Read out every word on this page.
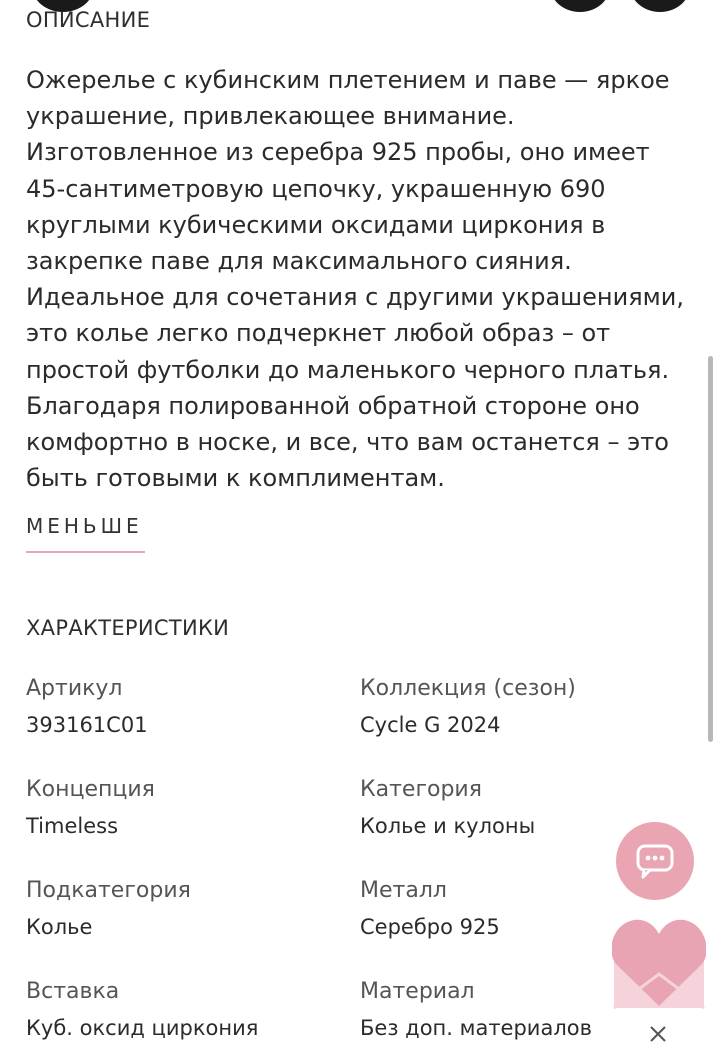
ОПИСАНИЕ

Ожерелье с кубинским плетением и паве — яркое украшение, привлекающее внимание. Изготовленное из серебра 925 пробы, оно имеет 45-сантиметровую цепочку, украшенную 690 круглыми кубическими оксидами циркония в закрепке паве для максимального сияния. Идеальное для сочетания с другими украшениями, это колье легко подчеркнет любой образ – от простой футболки до маленького черного платья. Благодаря полированной обратной стороне оно комфортно в носке, и все, что вам останется – это быть готовыми к комплиментам.

МЕНЬШЕ
ХАРАКТЕРИСТИКИ
Артикул
393161C01
Коллекция (сезон)
Cycle G 2024
Концепция
Timeless
Категория
Колье и кулоны
Подкатегория
Колье
Металл
Серебро 925
Вставка
Куб. оксид циркония
Материал
Без доп. материалов
